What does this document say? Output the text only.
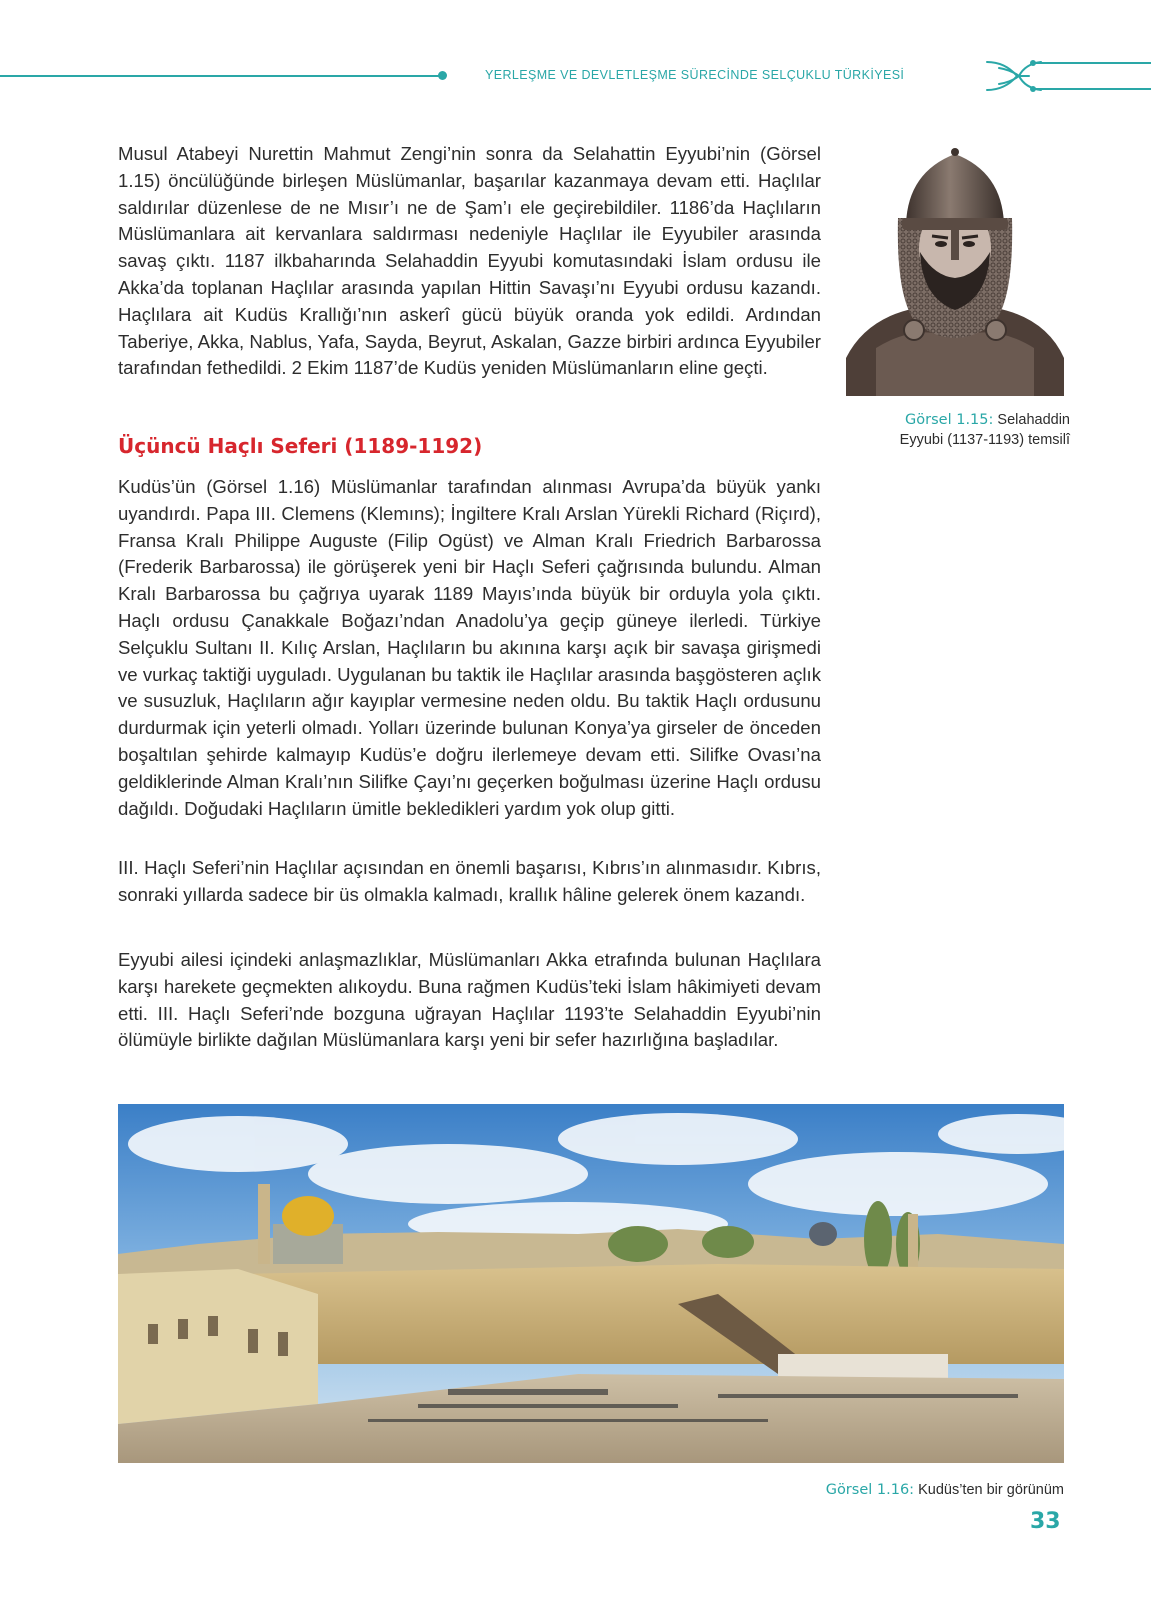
YERLEŞME VE DEVLETLEŞME SÜRECİNDE SELÇUKLU TÜRKİYESİ

Musul Atabeyi Nurettin Mahmut Zengi’nin sonra da Selahattin Eyyubi’nin (Görsel 1.15) öncülüğünde birleşen Müslümanlar, başarılar kazanmaya devam etti. Haçlılar saldırılar düzenlese de ne Mısır’ı ne de Şam’ı ele geçirebildiler. 1186’da Haçlıların Müslümanlara ait kervanlara saldırması nedeniyle Haçlılar ile Eyyubiler arasında savaş çıktı. 1187 ilkbaharında Selahaddin Eyyubi komutasındaki İslam ordusu ile Akka’da toplanan Haçlılar arasında yapılan Hittin Savaşı’nı Eyyubi ordusu kazandı. Haçlılara ait Kudüs Krallığı’nın askerî gücü büyük oranda yok edildi. Ardından Taberiye, Akka, Nablus, Yafa, Sayda, Beyrut, Askalan, Gazze birbiri ardınca Eyyubiler tarafından fethedildi. 2 Ekim 1187’de Kudüs yeniden Müslümanların eline geçti.

Görsel 1.15: Selahaddin
Eyyubi (1137-1193) temsilî
Üçüncü Haçlı Seferi (1189-1192)

Kudüs’ün (Görsel 1.16) Müslümanlar tarafından alınması Avrupa’da büyük yankı uyandırdı. Papa III. Clemens (Klemıns); İngiltere Kralı Arslan Yürekli Richard (Riçırd), Fransa Kralı Philippe Auguste (Filip Ogüst) ve Alman Kralı Friedrich Barbarossa (Frederik Barbarossa) ile görüşerek yeni bir Haçlı Seferi çağrısında bulundu. Alman Kralı Barbarossa bu çağrıya uyarak 1189 Mayıs’ında büyük bir orduyla yola çıktı. Haçlı ordusu Çanakkale Boğazı’ndan Anadolu’ya geçip güneye ilerledi. Türkiye Selçuklu Sultanı II. Kılıç Arslan, Haçlıların bu akınına karşı açık bir savaşa girişmedi ve vurkaç taktiği uyguladı. Uygulanan bu taktik ile Haçlılar arasında başgösteren açlık ve susuzluk, Haçlıların ağır kayıplar vermesine neden oldu. Bu taktik Haçlı ordusunu durdurmak için yeterli olmadı. Yolları üzerinde bulunan Konya’ya girseler de önceden boşaltılan şehirde kalmayıp Kudüs’e doğru ilerlemeye devam etti. Silifke Ovası’na geldiklerinde Alman Kralı’nın Silifke Çayı’nı geçerken boğulması üzerine Haçlı ordusu dağıldı. Doğudaki Haçlıların ümitle bekledikleri yardım yok olup gitti.

III. Haçlı Seferi’nin Haçlılar açısından en önemli başarısı, Kıbrıs’ın alınmasıdır. Kıbrıs, sonraki yıllarda sadece bir üs olmakla kalmadı, krallık hâline gelerek önem kazandı.

Eyyubi ailesi içindeki anlaşmazlıklar, Müslümanları Akka etrafında bulunan Haçlılara karşı harekete geçmekten alıkoydu. Buna rağmen Kudüs’teki İslam hâkimiyeti devam etti. III. Haçlı Seferi’nde bozguna uğrayan Haçlılar 1193’te Selahaddin Eyyubi’nin ölümüyle birlikte dağılan Müslümanlara karşı yeni bir sefer hazırlığına başladılar.

Görsel 1.16: Kudüs’ten bir görünüm
33
